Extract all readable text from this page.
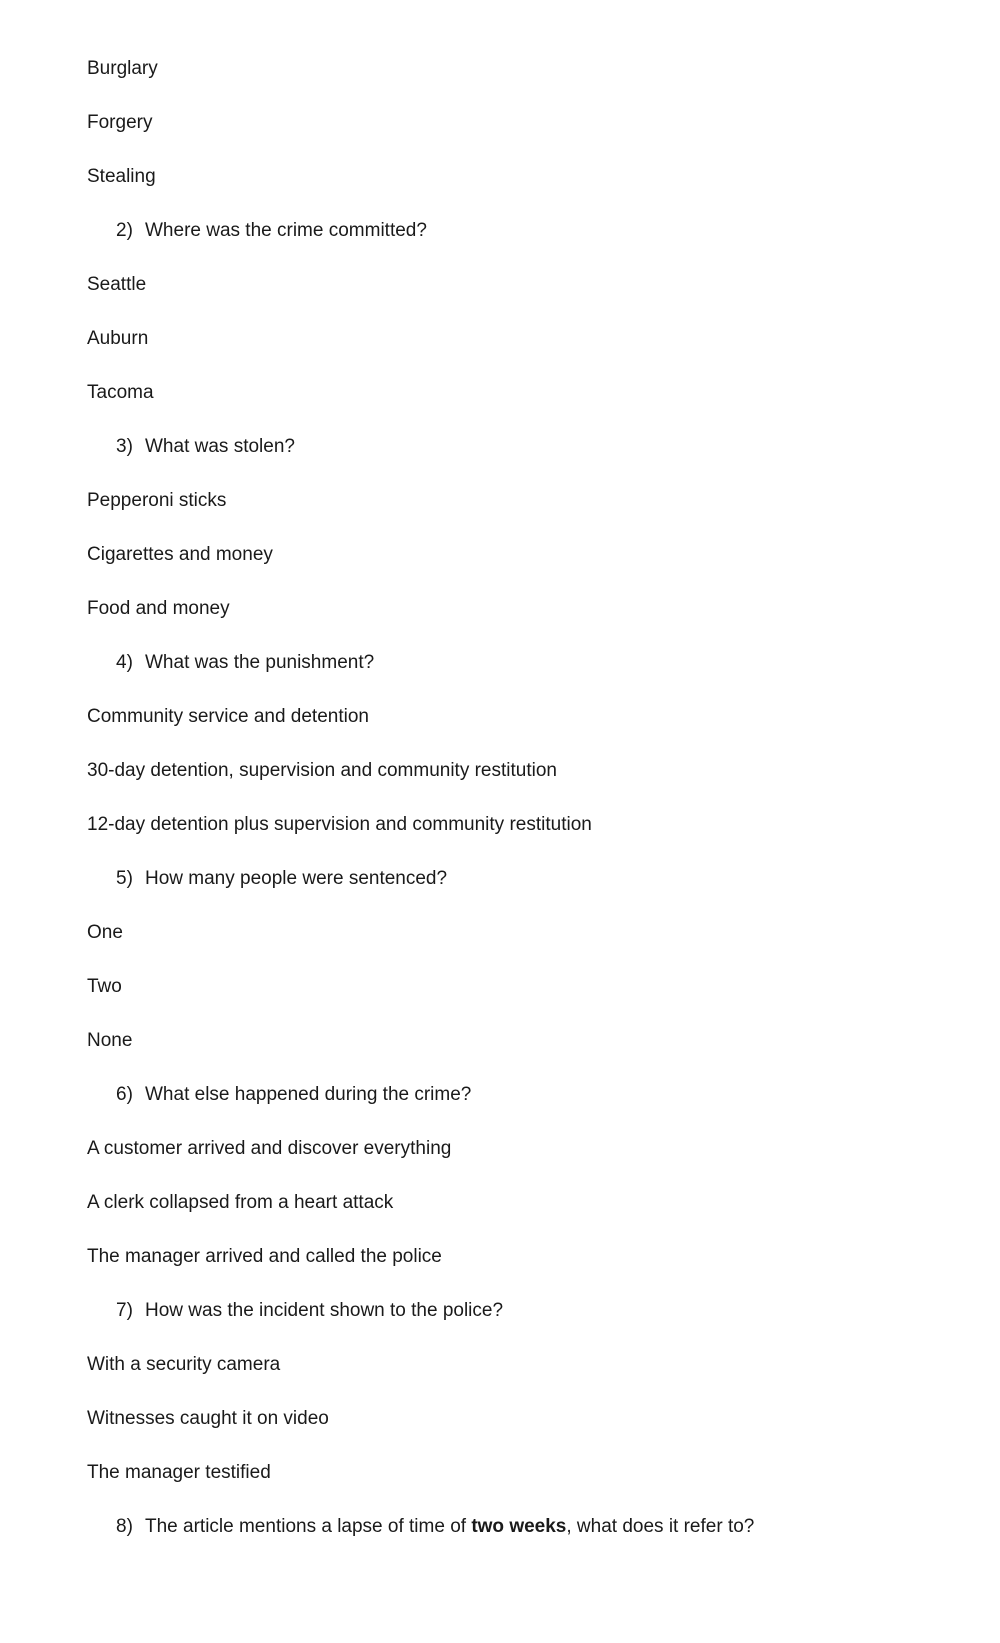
Burglary
Forgery
Stealing
2) Where was the crime committed?
Seattle
Auburn
Tacoma
3) What was stolen?
Pepperoni sticks
Cigarettes and money
Food and money
4) What was the punishment?
Community service and detention
30-day detention, supervision and community restitution
12-day detention plus supervision and community restitution
5) How many people were sentenced?
One
Two
None
6) What else happened during the crime?
A customer arrived and discover everything
A clerk collapsed from a heart attack
The manager arrived and called the police
7) How was the incident shown to the police?
With a security camera
Witnesses caught it on video
The manager testified
8) The article mentions a lapse of time of two weeks, what does it refer to?
